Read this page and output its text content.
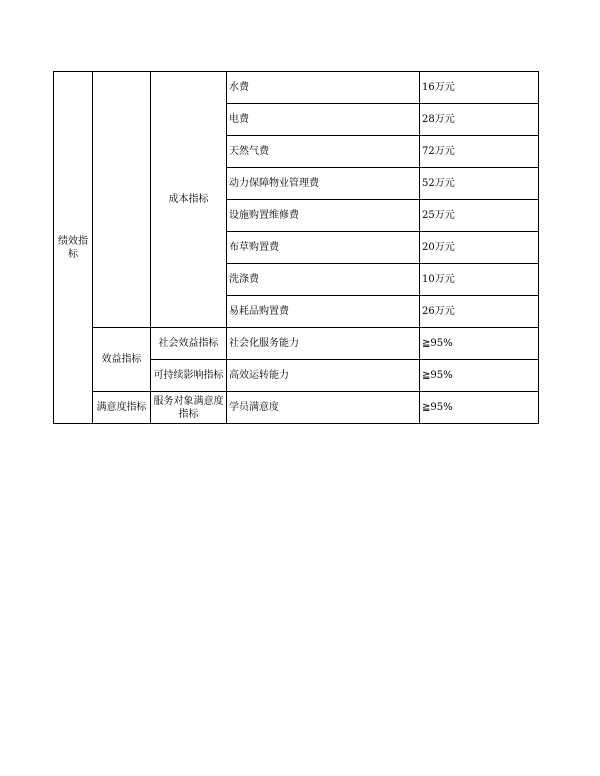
绩效指标		成本指标	水费	16万元
			电费	28万元
			天然气费	72万元
			动力保障物业管理费	52万元
			设施购置维修费	25万元
			布草购置费	20万元
			洗涤费	10万元
			易耗品购置费	26万元
	效益指标	社会效益指标	社会化服务能力	≧95%
		可持续影响指标	高效运转能力	≧95%
	满意度指标	服务对象满意度指标	学员满意度	≧95%
